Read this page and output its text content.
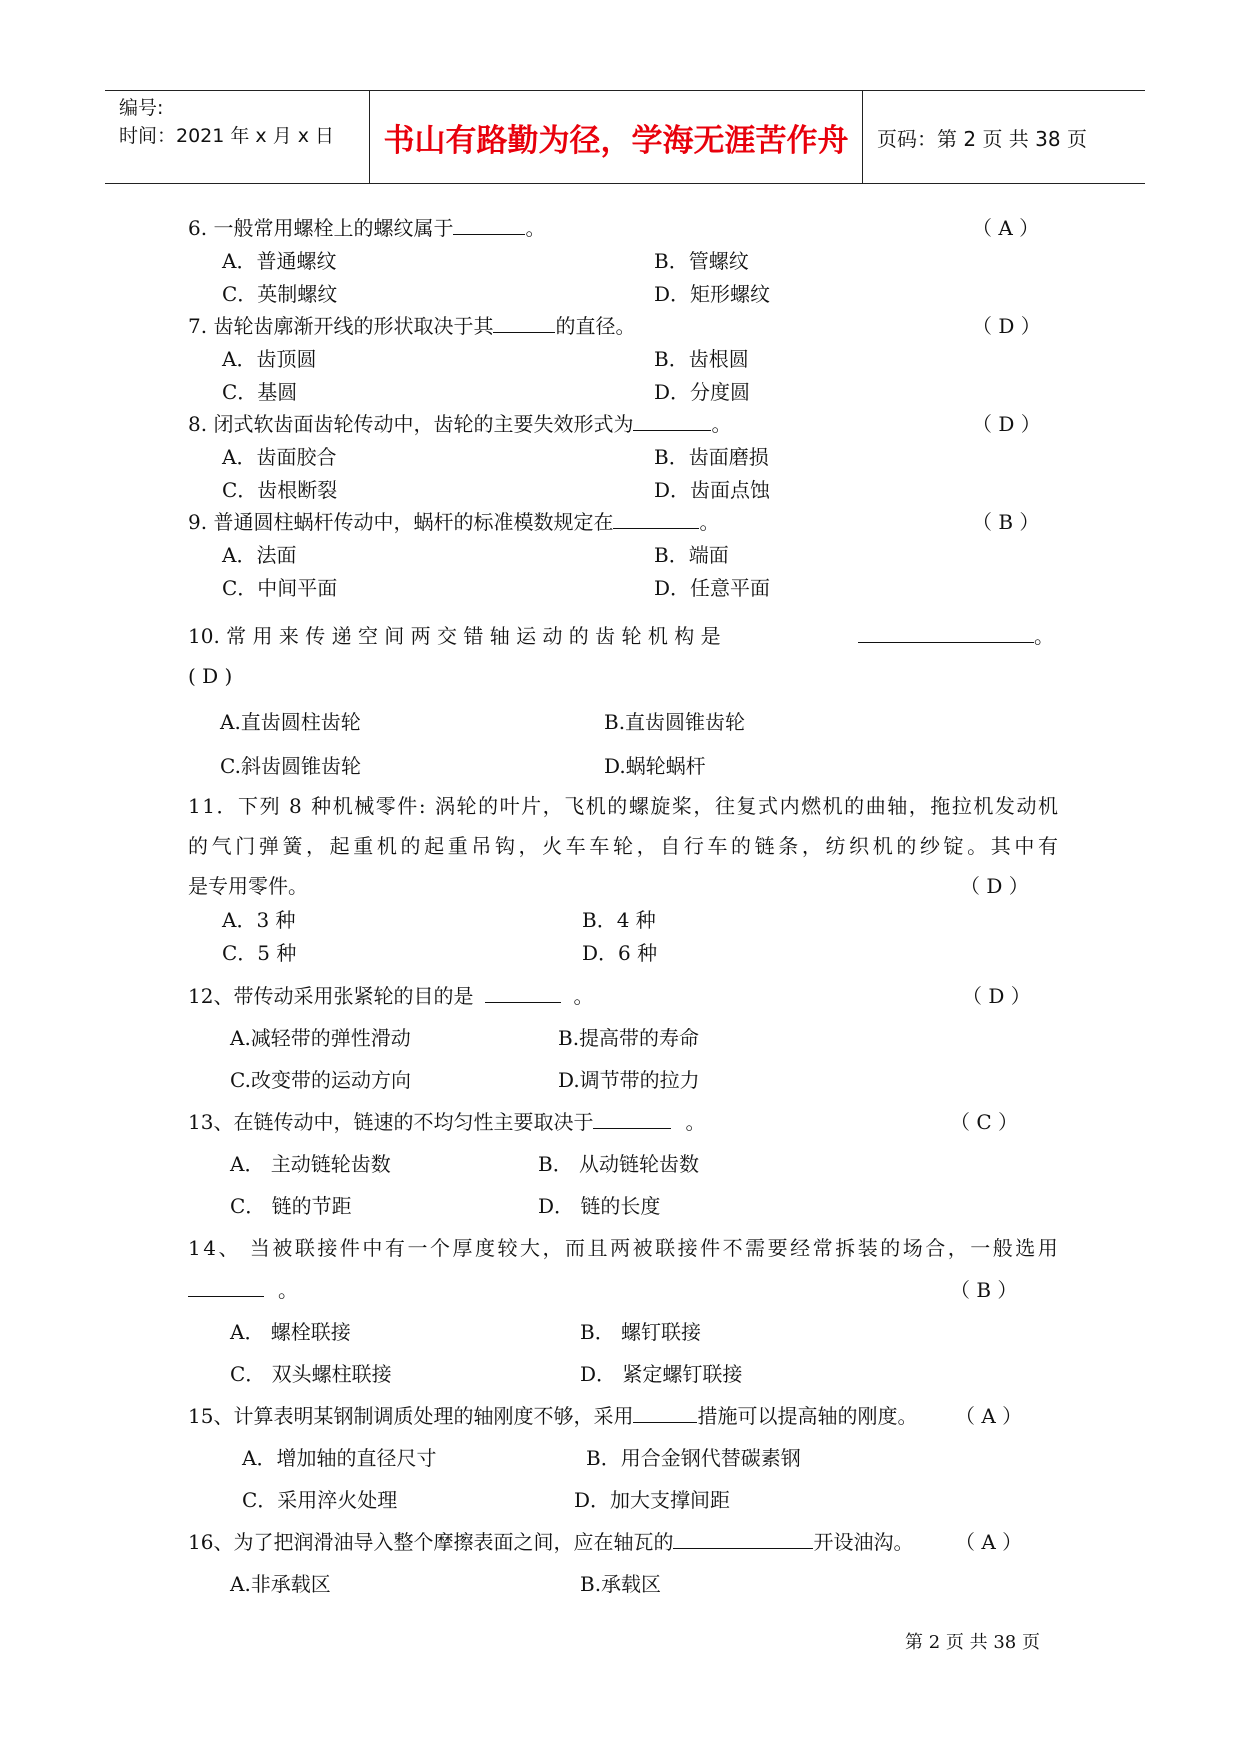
编号:
时间：2021 年 x 月 x 日	书山有路勤为径，学海无涯苦作舟	页码：第 2 页 共 38 页
6. 一般常用螺栓上的螺纹属于	。	（ A ）
A．普通螺纹	B．管螺纹
C．英制螺纹	D．矩形螺纹
7. 齿轮齿廓渐开线的形状取决于其	的直径。	（ D ）
A．齿顶圆	B．齿根圆
C．基圆	D．分度圆
8. 闭式软齿面齿轮传动中，齿轮的主要失效形式为	。	（ D ）
A．齿面胶合	B．齿面磨损
C．齿根断裂	D．齿面点蚀
9. 普通圆柱蜗杆传动中，蜗杆的标准模数规定在	。	（ B ）
A．法面	B．端面
C．中间平面	D．任意平面
10. 常 用 来 传 递 空 间 两 交 错 轴 运 动 的 齿 轮 机 构 是	。
( D )
A.直齿圆柱齿轮	B.直齿圆锥齿轮
C.斜齿圆锥齿轮	D.蜗轮蜗杆
11．下列 8 种机械零件: 涡轮的叶片，飞机的螺旋桨，往复式内燃机的曲轴，拖拉机发动机
的气门弹簧，起重机的起重吊钩，火车车轮，自行车的链条，纺织机的纱锭。其中有
是专用零件。	（ D ）
A．3 种	B．4 种
C．5 种	D．6 种
12、带传动采用张紧轮的目的是	。	（ D ）
A.减轻带的弹性滑动	B.提高带的寿命
C.改变带的运动方向	D.调节带的拉力
13、在链传动中，链速的不均匀性主要取决于	。	（ C ）
A． 主动链轮齿数	B． 从动链轮齿数
C． 链的节距	D． 链的长度
14、 当被联接件中有一个厚度较大，而且两被联接件不需要经常拆装的场合，一般选用
。	（ B ）
A． 螺栓联接	B． 螺钉联接
C． 双头螺柱联接	D． 紧定螺钉联接
15、计算表明某钢制调质处理的轴刚度不够，采用	措施可以提高轴的刚度。 （ A ）
A．增加轴的直径尺寸	B．用合金钢代替碳素钢
C．采用淬火处理	D．加大支撑间距
16、为了把润滑油导入整个摩擦表面之间，应在轴瓦的	开设油沟。 （ A ）
A.非承载区	B.承载区
第 2 页 共 38 页
